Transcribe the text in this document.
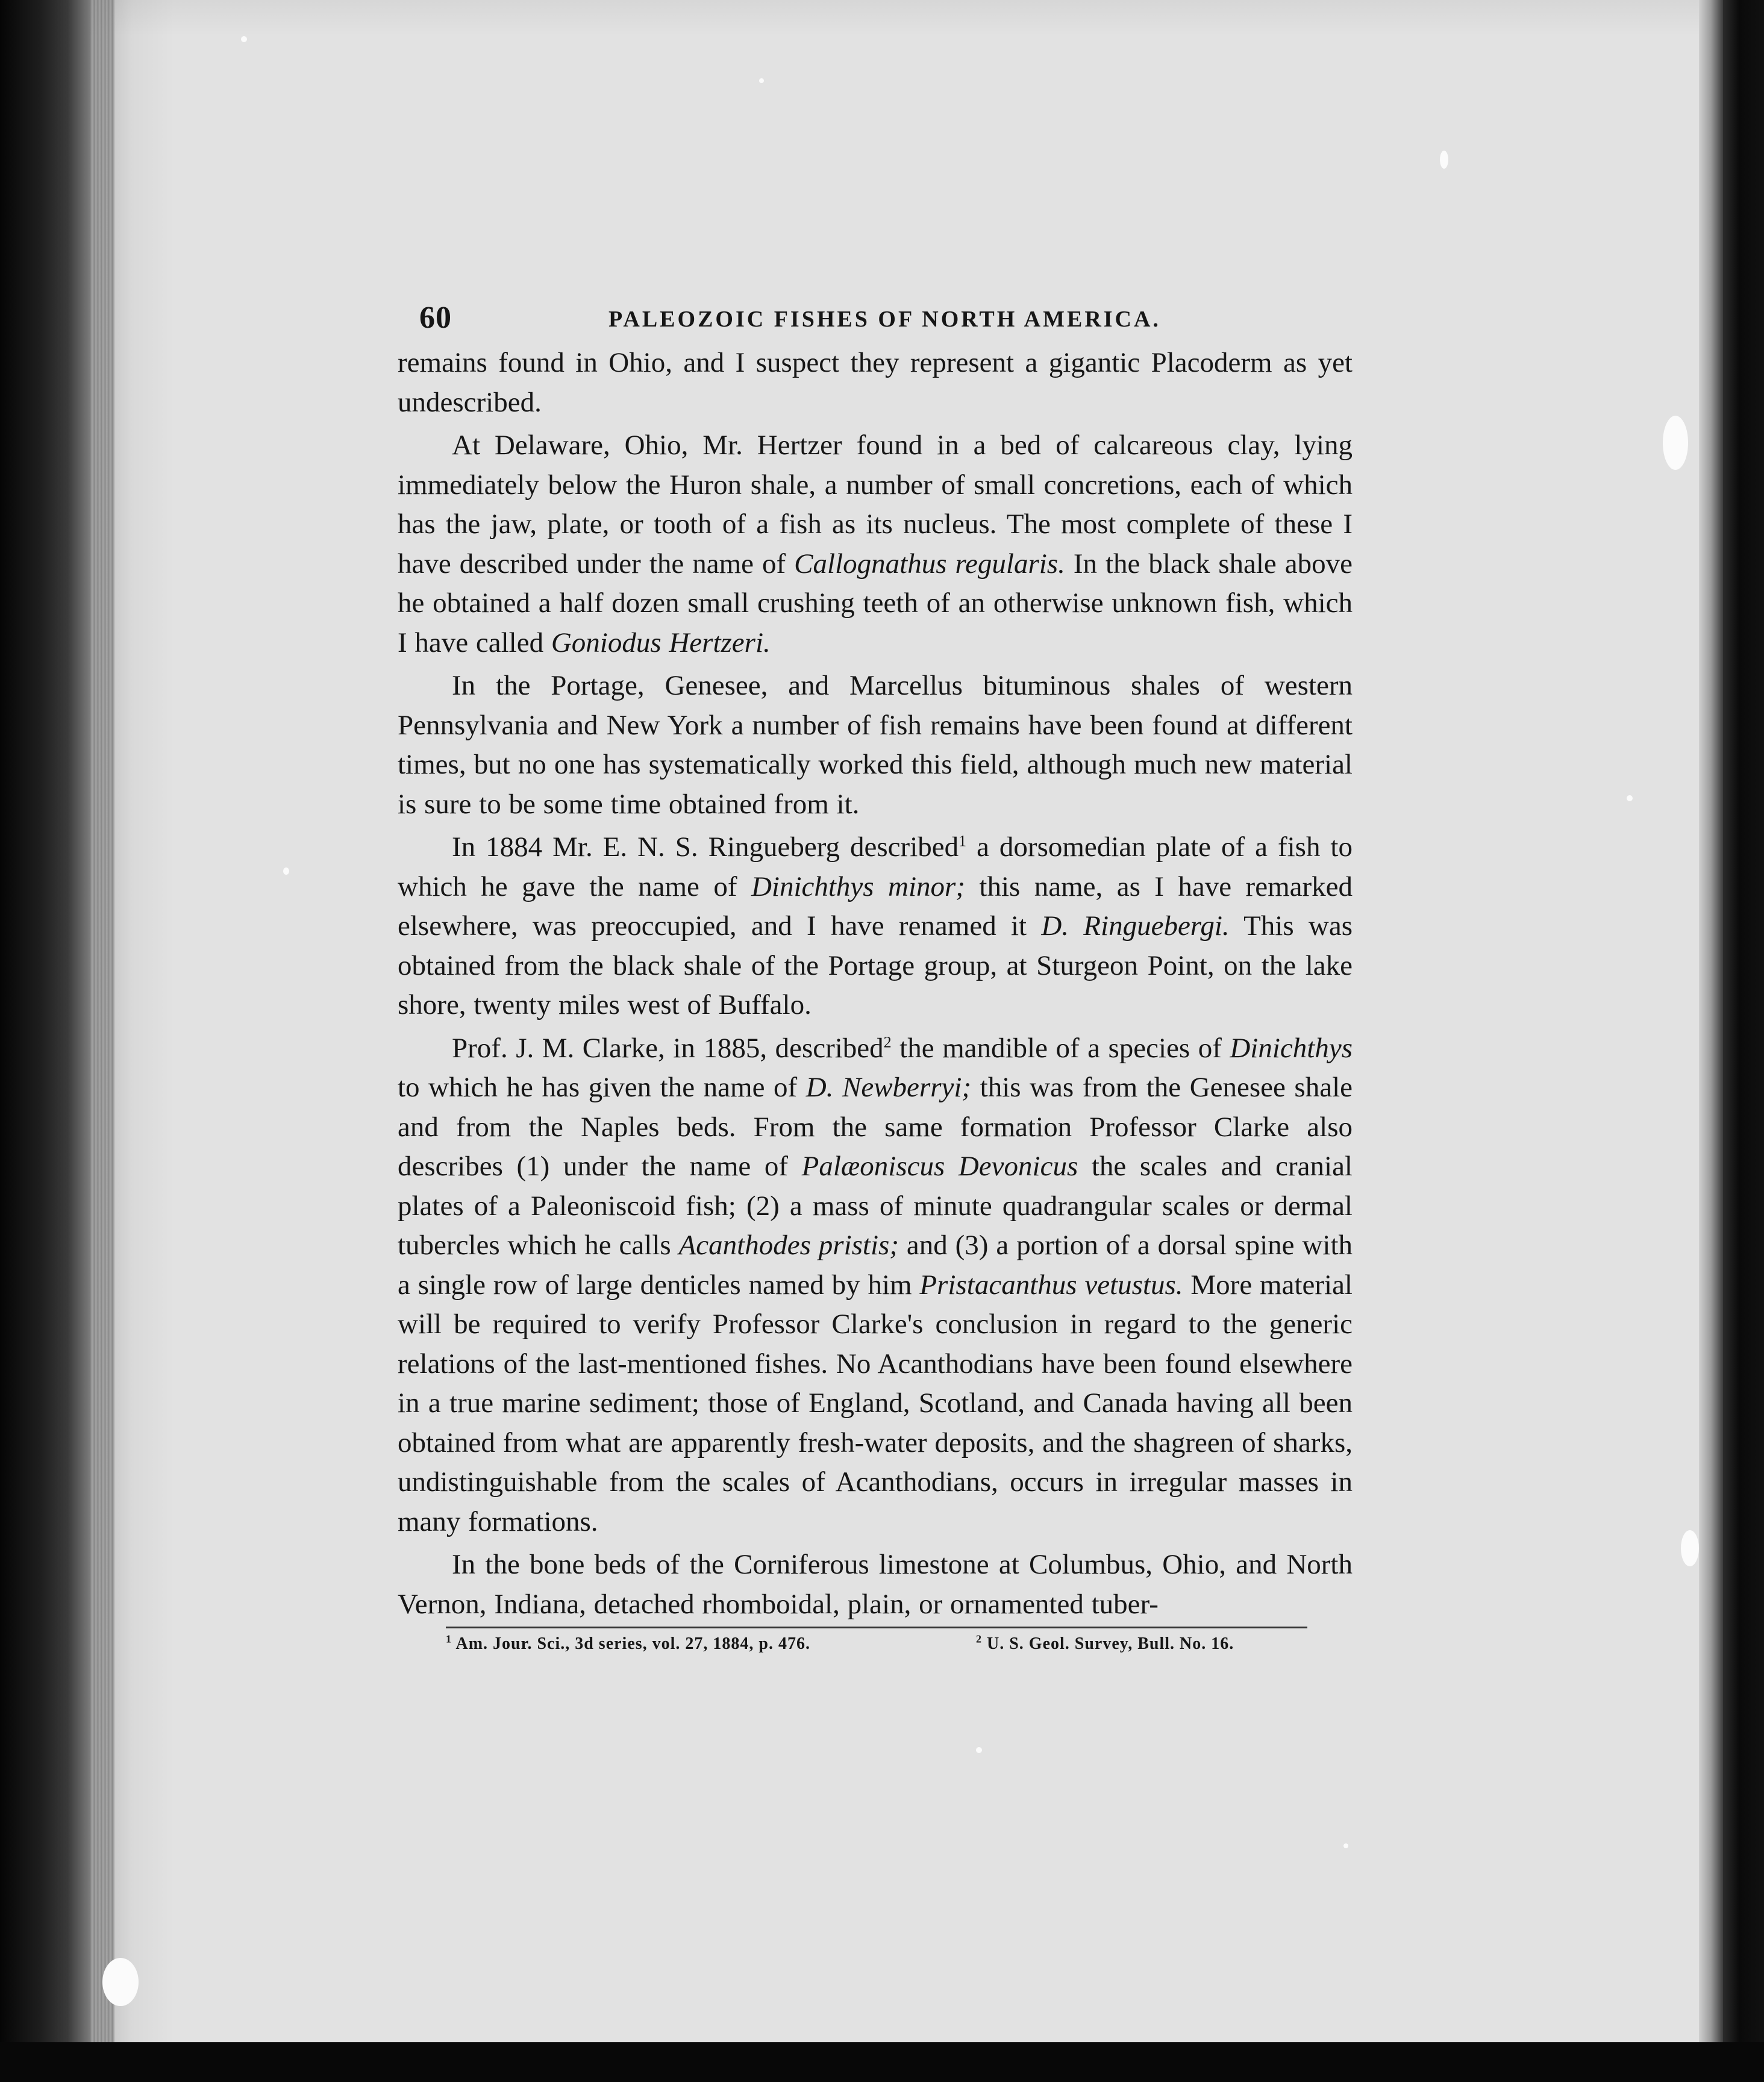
60	PALEOZOIC FISHES OF NORTH AMERICA.

remains found in Ohio, and I suspect they represent a gigantic Placoderm as yet undescribed.

At Delaware, Ohio, Mr. Hertzer found in a bed of calcareous clay, lying immediately below the Huron shale, a number of small concretions, each of which has the jaw, plate, or tooth of a fish as its nucleus. The most complete of these I have described under the name of Callognathus regularis. In the black shale above he obtained a half dozen small crushing teeth of an otherwise unknown fish, which I have called Goniodus Hertzeri.

In the Portage, Genesee, and Marcellus bituminous shales of western Pennsylvania and New York a number of fish remains have been found at different times, but no one has systematically worked this field, although much new material is sure to be some time obtained from it.

In 1884 Mr. E. N. S. Ringueberg described$^1$ a dorsomedian plate of a fish to which he gave the name of Dinichthys minor; this name, as I have remarked elsewhere, was preoccupied, and I have renamed it D. Ringuebergi. This was obtained from the black shale of the Portage group, at Sturgeon Point, on the lake shore, twenty miles west of Buffalo.

Prof. J. M. Clarke, in 1885, described$^2$ the mandible of a species of Dinichthys to which he has given the name of D. Newberryi; this was from the Genesee shale and from the Naples beds. From the same formation Professor Clarke also describes (1) under the name of Palæoniscus Devonicus the scales and cranial plates of a Paleoniscoid fish; (2) a mass of minute quadrangular scales or dermal tubercles which he calls Acanthodes pristis; and (3) a portion of a dorsal spine with a single row of large denticles named by him Pristacanthus vetustus. More material will be required to verify Professor Clarke's conclusion in regard to the generic relations of the last-mentioned fishes. No Acanthodians have been found elsewhere in a true marine sediment; those of England, Scotland, and Canada having all been obtained from what are apparently fresh-water deposits, and the shagreen of sharks, undistinguishable from the scales of Acanthodians, occurs in irregular masses in many formations.

In the bone beds of the Corniferous limestone at Columbus, Ohio, and North Vernon, Indiana, detached rhomboidal, plain, or ornamented tuber-

$^1$ Am. Jour. Sci., 3d series, vol. 27, 1884, p. 476.	$^2$ U. S. Geol. Survey, Bull. No. 16.
